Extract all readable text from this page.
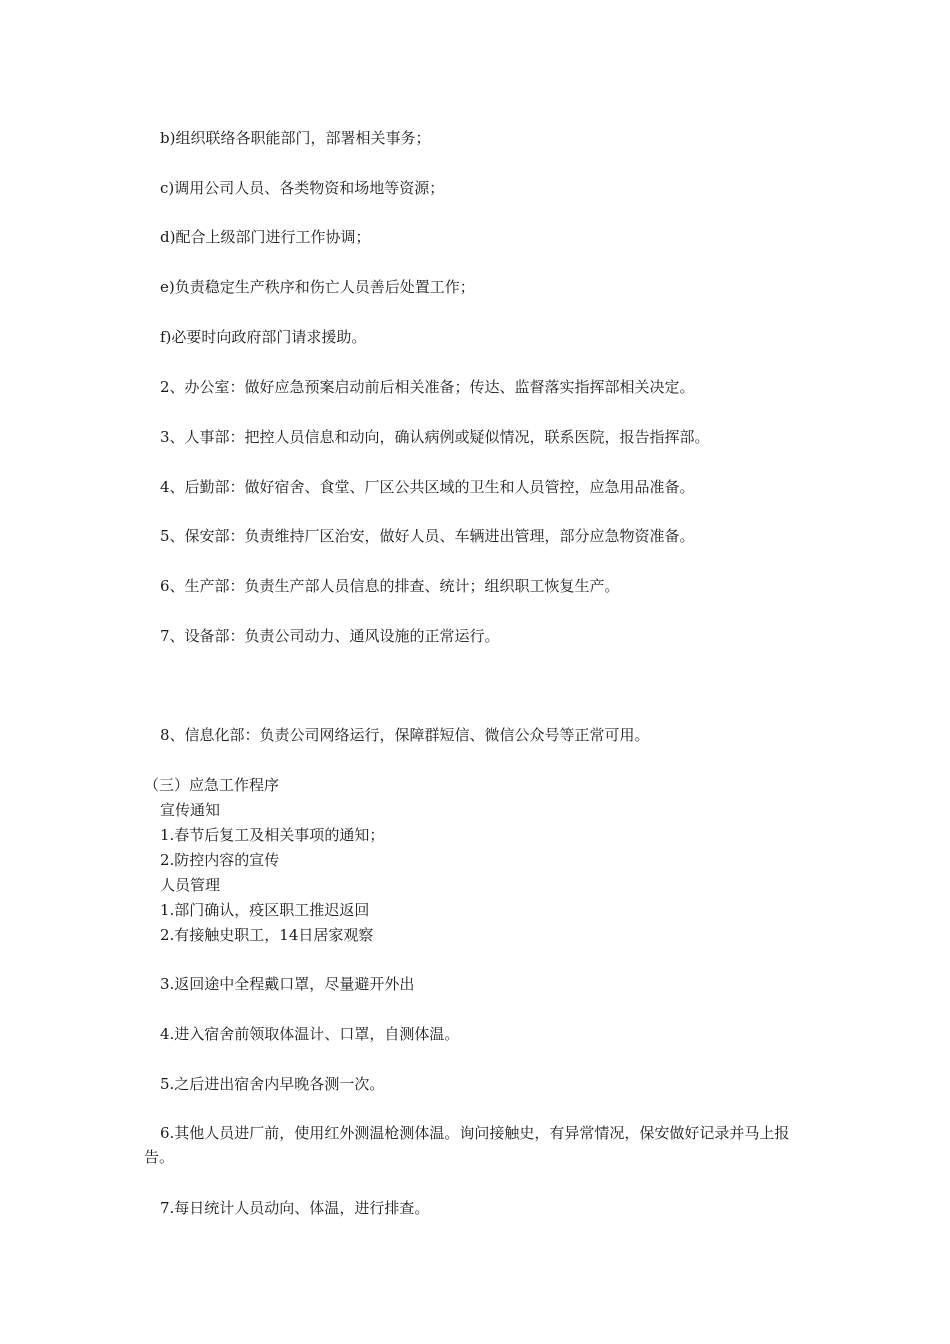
b)组织联络各职能部门，部署相关事务；
c)调用公司人员、各类物资和场地等资源；
d)配合上级部门进行工作协调；
e)负责稳定生产秩序和伤亡人员善后处置工作；
f)必要时向政府部门请求援助。
2、办公室：做好应急预案启动前后相关准备；传达、监督落实指挥部相关决定。
3、人事部：把控人员信息和动向，确认病例或疑似情况，联系医院，报告指挥部。
4、后勤部：做好宿舍、食堂、厂区公共区域的卫生和人员管控，应急用品准备。
5、保安部：负责维持厂区治安，做好人员、车辆进出管理，部分应急物资准备。
6、生产部：负责生产部人员信息的排查、统计；组织职工恢复生产。
7、设备部：负责公司动力、通风设施的正常运行。
8、信息化部：负责公司网络运行，保障群短信、微信公众号等正常可用。
（三）应急工作程序
宣传通知
1.春节后复工及相关事项的通知；
2.防控内容的宣传
人员管理
1.部门确认，疫区职工推迟返回
2.有接触史职工，14日居家观察
3.返回途中全程戴口罩，尽量避开外出
4.进入宿舍前领取体温计、口罩，自测体温。
5.之后进出宿舍内早晚各测一次。
6.其他人员进厂前，使用红外测温枪测体温。询问接触史，有异常情况，保安做好记录并马上报告。
7.每日统计人员动向、体温，进行排查。
